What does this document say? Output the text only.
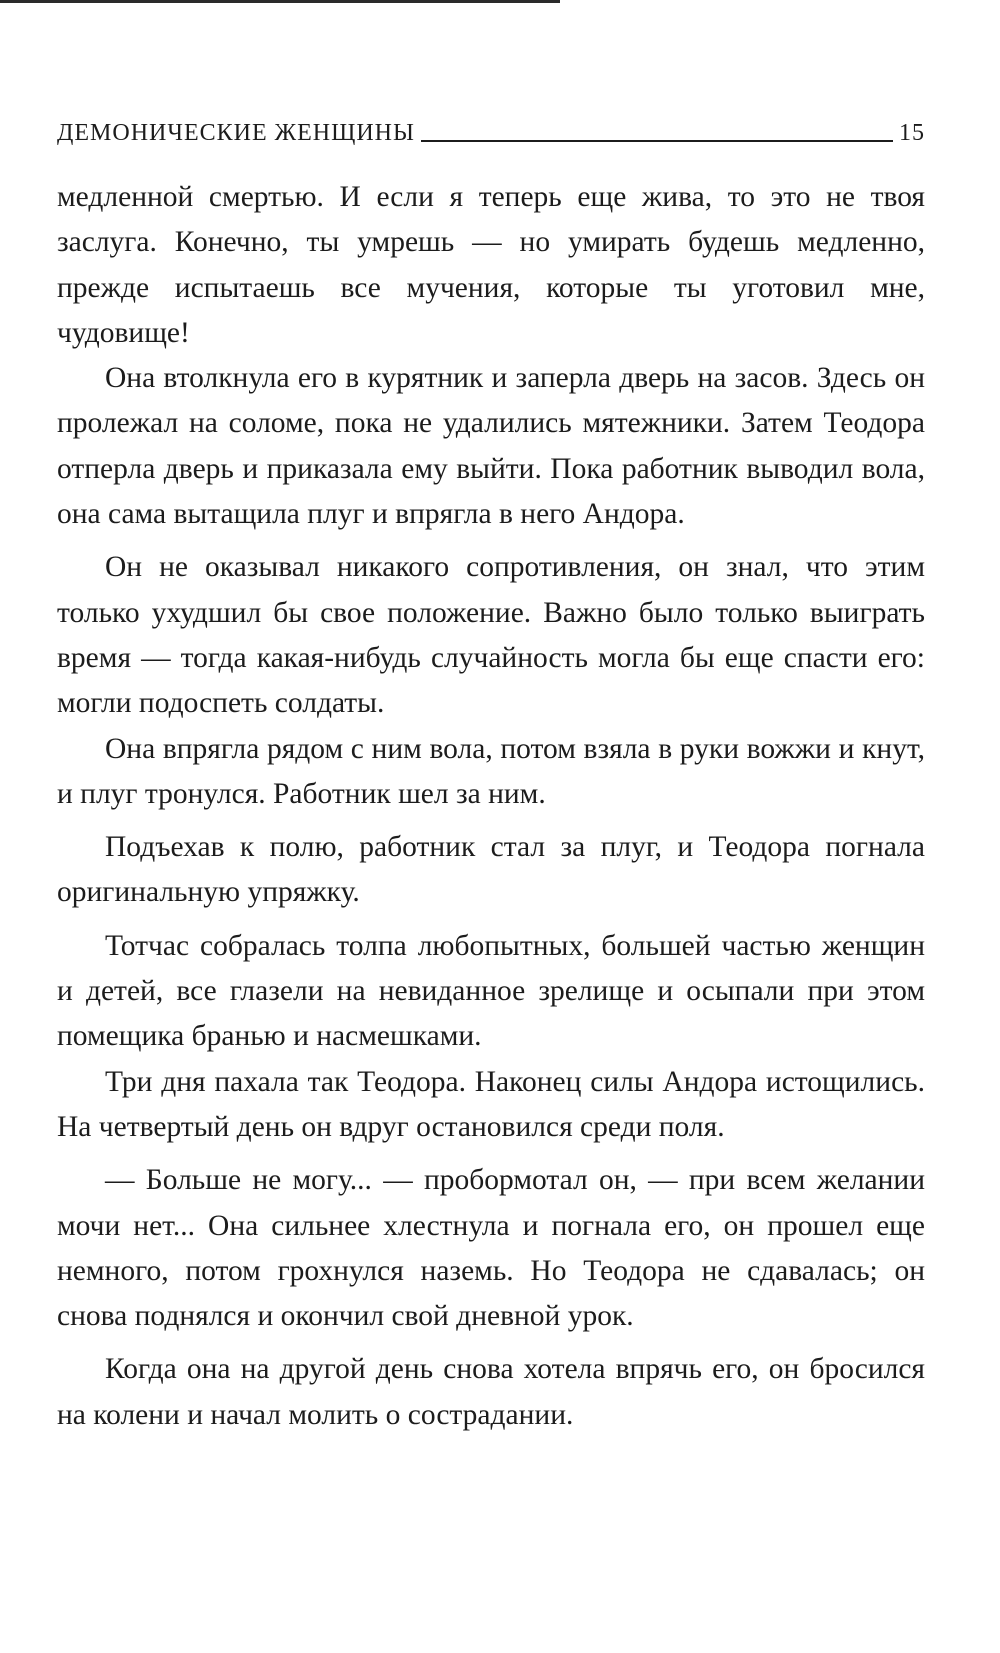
ДЕМОНИЧЕСКИЕ ЖЕНЩИНЫ	15

медленной смертью. И если я теперь еще жива, то это не твоя заслуга. Конечно, ты умрешь — но умирать будешь медленно, прежде испытаешь все мучения, которые ты уготовил мне, чудовище!

Она втолкнула его в курятник и заперла дверь на засов. Здесь он пролежал на соломе, пока не удалились мятежники. Затем Теодора отперла дверь и приказала ему выйти. Пока работник выводил вола, она сама вытащила плуг и впрягла в него Андора.

Он не оказывал никакого сопротивления, он знал, что этим только ухудшил бы свое положение. Важно было только выиграть время — тогда какая-нибудь случайность могла бы еще спасти его: могли подоспеть солдаты.

Она впрягла рядом с ним вола, потом взяла в руки вожжи и кнут, и плуг тронулся. Работник шел за ним.

Подъехав к полю, работник стал за плуг, и Теодора погнала оригинальную упряжку.

Тотчас собралась толпа любопытных, большей частью женщин и детей, все глазели на невиданное зрелище и осыпали при этом помещика бранью и насмешками.

Три дня пахала так Теодора. Наконец силы Андора истощились. На четвертый день он вдруг остановился среди поля.

— Больше не могу... — пробормотал он, — при всем желании мочи нет... Она сильнее хлестнула и погнала его, он прошел еще немного, потом грохнулся наземь. Но Теодора не сдавалась; он снова поднялся и окончил свой дневной урок.

Когда она на другой день снова хотела впрячь его, он бросился на колени и начал молить о сострадании.
